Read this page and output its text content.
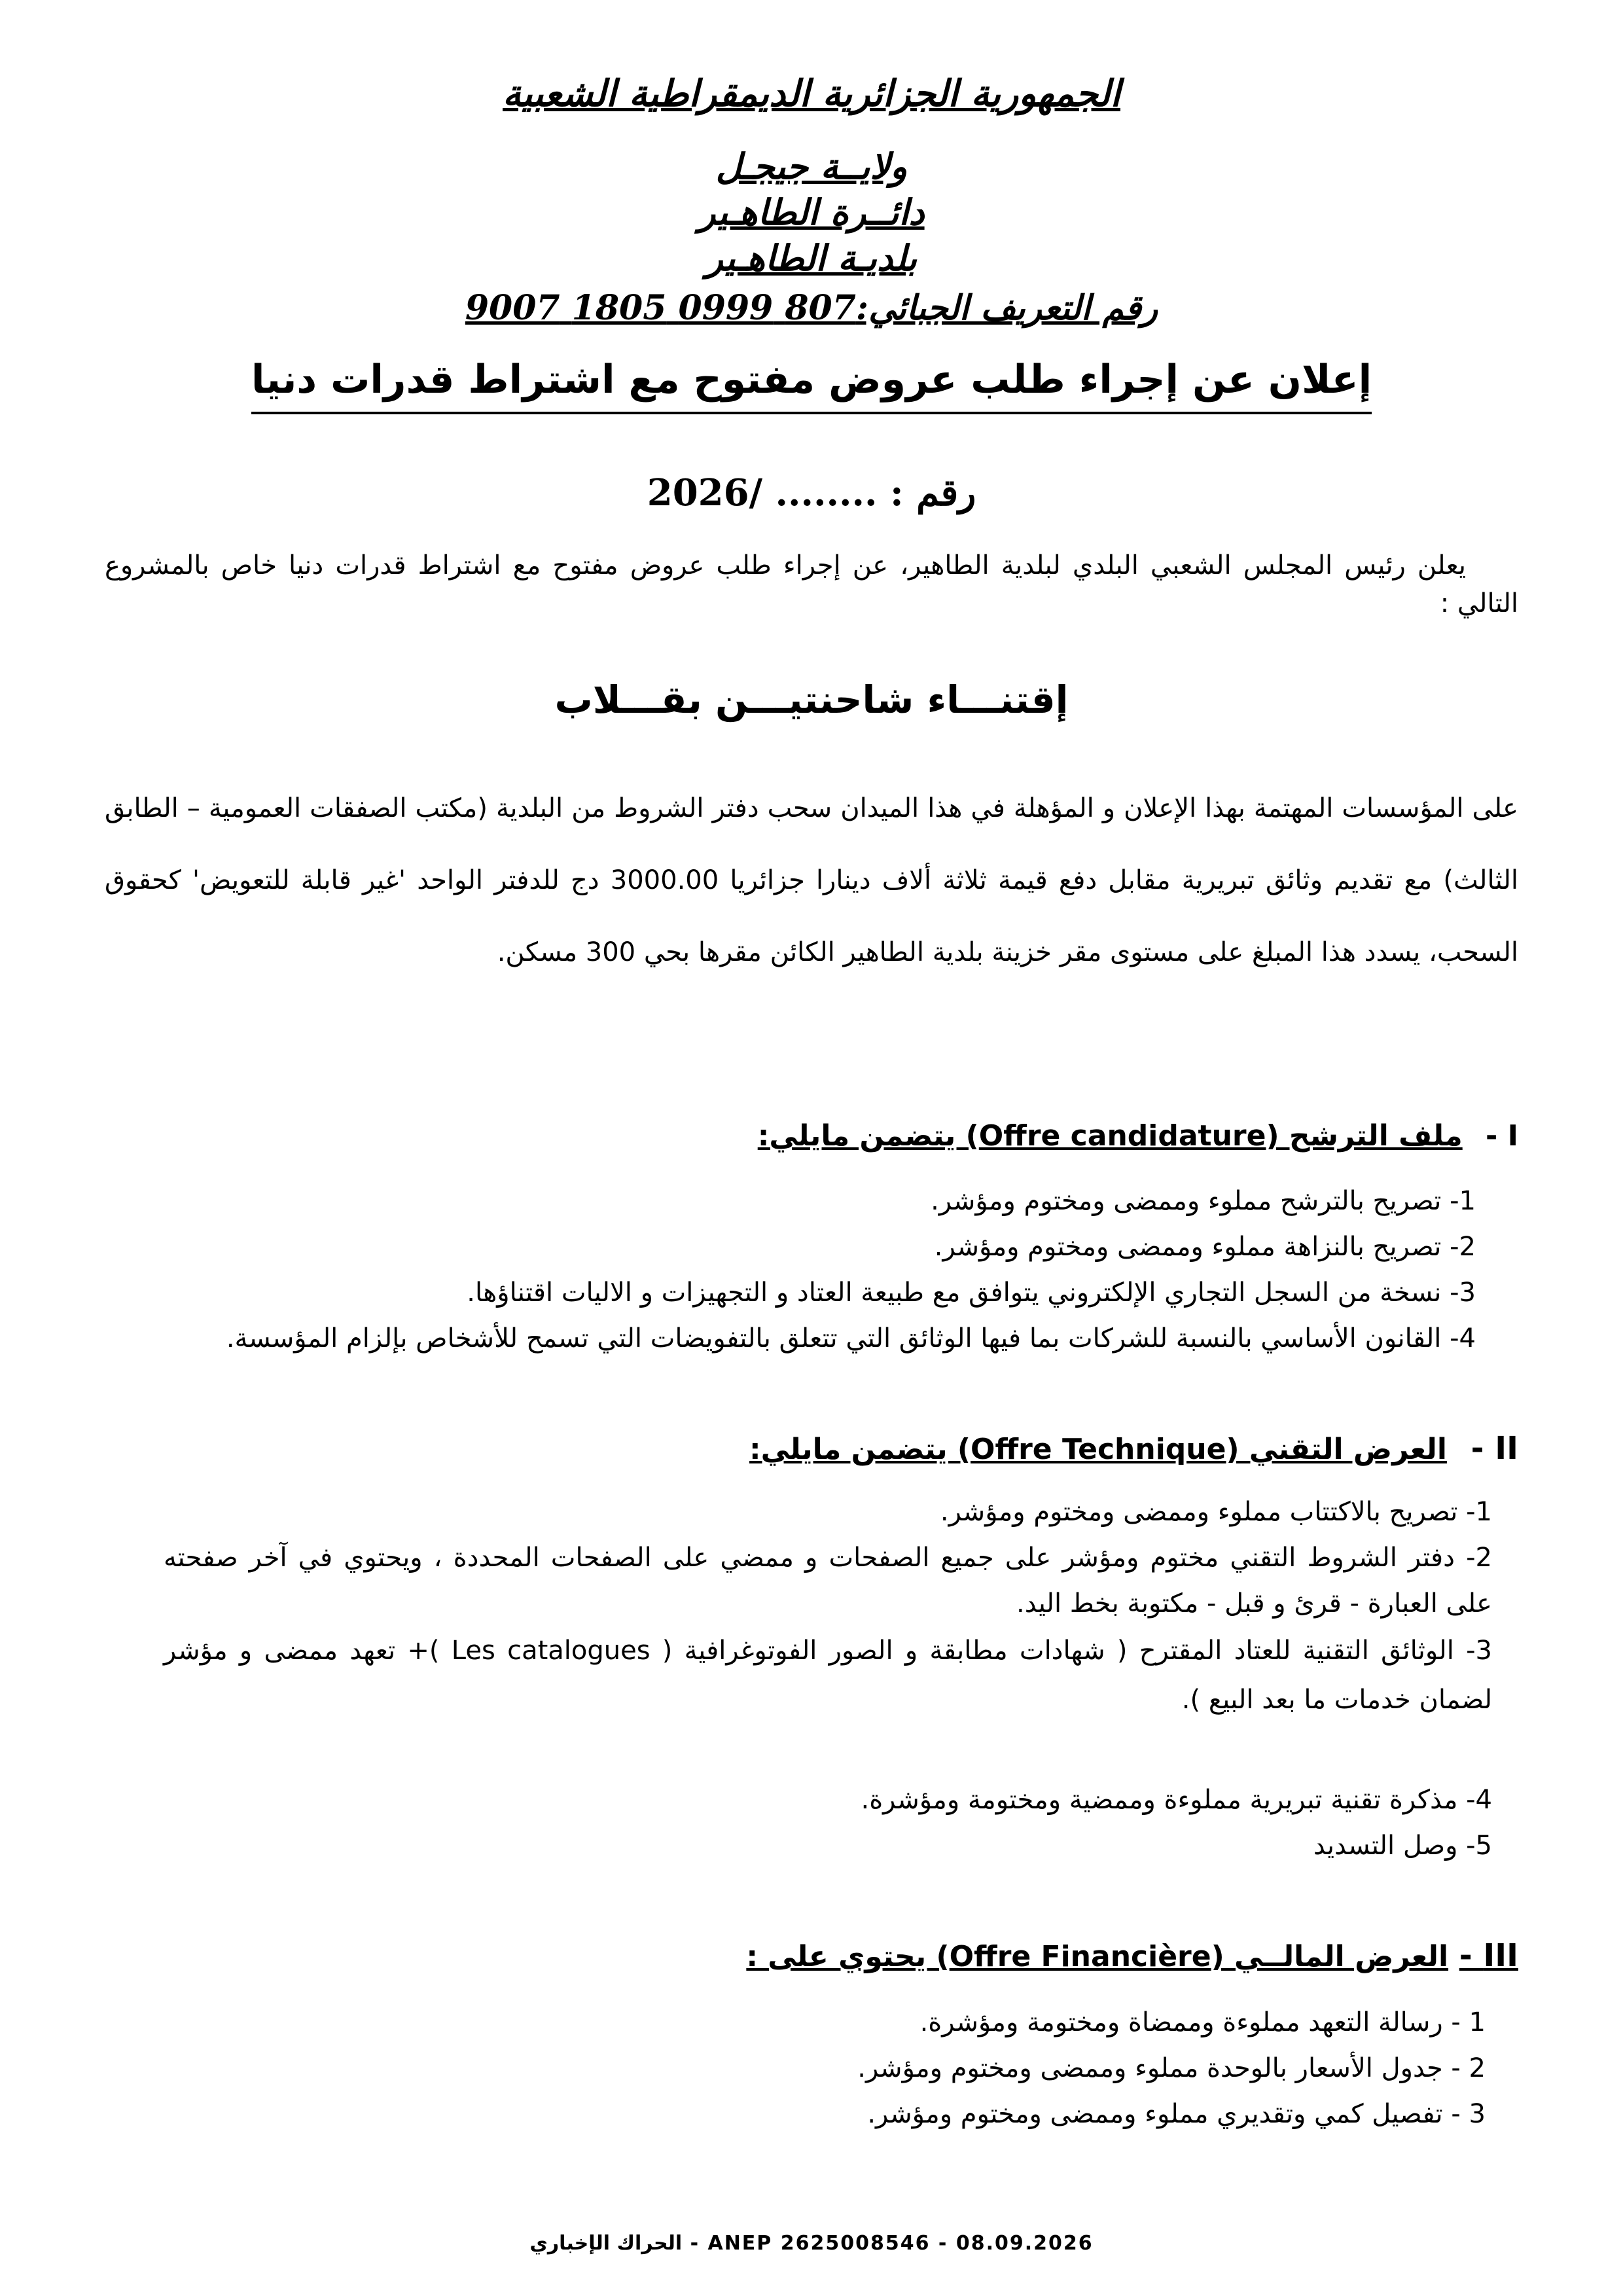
الجمهورية الجزائرية الديمقراطية الشعبية
ولايــة جيجـل
دائــرة الطاهـير
بلديـة الطاهـير
رقم التعريف الجبائي:807 0999 1805 9007
إعلان عن إجراء طلب عروض مفتوح مع اشتراط قدرات دنيا
رقم : ........ /2026
يعلن رئيس المجلس الشعبي البلدي لبلدية الطاهير، عن إجراء طلب عروض مفتوح مع اشتراط قدرات دنيا خاص بالمشروع التالي :
إقتنـــاء شاحنتيـــن بقـــلاب
على المؤسسات المهتمة بهذا الإعلان و المؤهلة في هذا الميدان سحب دفتر الشروط من البلدية (مكتب الصفقات العمومية – الطابق الثالث) مع تقديم وثائق تبريرية مقابل دفع قيمة ثلاثة ألاف دينارا جزائريا 3000.00 دج للدفتر الواحد 'غير قابلة للتعويض' كحقوق السحب، يسدد هذا المبلغ على مستوى مقر خزينة بلدية الطاهير الكائن مقرها بحي 300 مسكن.
I - ملف الترشح (Offre candidature) يتضمن مايلي:
1- تصريح بالترشح مملوء وممضى ومختوم ومؤشر.
2- تصريح بالنزاهة مملوء وممضى ومختوم ومؤشر.
3- نسخة من السجل التجاري الإلكتروني يتوافق مع طبيعة العتاد و التجهيزات و الاليات اقتناؤها.
4- القانون الأساسي بالنسبة للشركات بما فيها الوثائق التي تتعلق بالتفويضات التي تسمح للأشخاص بإلزام المؤسسة.
II - العرض التقني (Offre Technique) يتضمن مايلي:
1- تصريح بالاكتتاب مملوء وممضى ومختوم ومؤشر.
2- دفتر الشروط التقني مختوم ومؤشر على جميع الصفحات و ممضي على الصفحات المحددة ، ويحتوي في آخر صفحته على العبارة - قرئ و قبل - مكتوبة بخط اليد.
3- الوثائق التقنية للعتاد المقترح ( شهادات مطابقة و الصور الفوتوغرافية ( Les catalogues )+ تعهد ممضى و مؤشر لضمان خدمات ما بعد البيع ).
4- مذكرة تقنية تبريرية مملوءة وممضية ومختومة ومؤشرة.
5- وصل التسديد
III - العرض المالــي (Offre Financière) يحتوي على :
1 - رسالة التعهد مملوءة وممضاة ومختومة ومؤشرة.
2 - جدول الأسعار بالوحدة مملوء وممضى ومختوم ومؤشر.
3 - تفصيل كمي وتقديري مملوء وممضى ومختوم ومؤشر.
ANEP 2625008546 - 08.09.2026 - الحراك الإخباري
